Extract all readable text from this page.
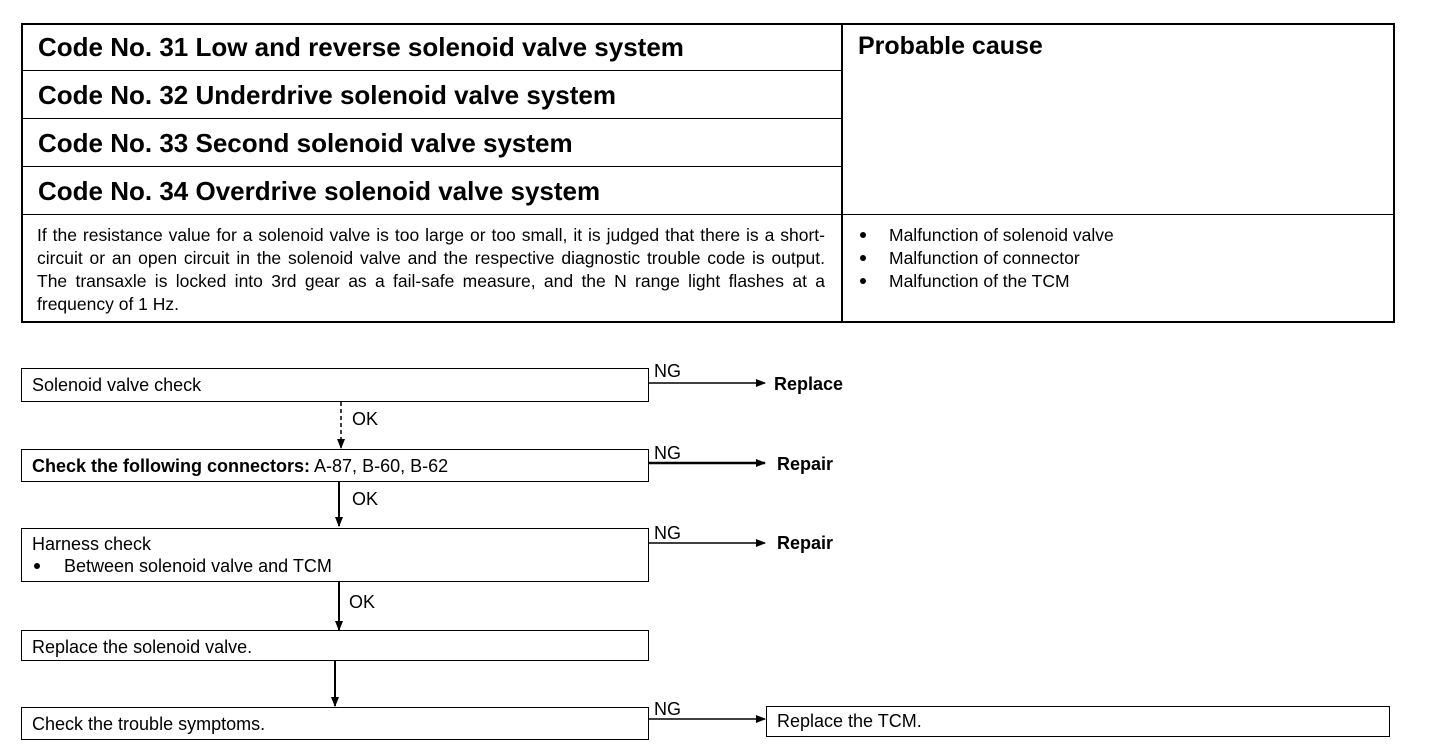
Code No. 31 Low and reverse solenoid valve system
Code No. 32 Underdrive solenoid valve system
Code No. 33 Second solenoid valve system
Code No. 34 Overdrive solenoid valve system
Probable cause
If the resistance value for a solenoid valve is too large or too small, it is judged that there is a short-circuit or an open circuit in the solenoid valve and the respective diagnostic trouble code is output. The transaxle is locked into 3rd gear as a fail-safe measure, and the N range light flashes at a frequency of 1 Hz.
Malfunction of solenoid valve
Malfunction of connector
Malfunction of the TCM
Solenoid valve check
Check the following connectors: A-87, B-60, B-62
Harness check
Between solenoid valve and TCM
Replace the solenoid valve.
Check the trouble symptoms.
OK
OK
OK
NG
NG
NG
NG
Replace
Repair
Repair
Replace the TCM.
